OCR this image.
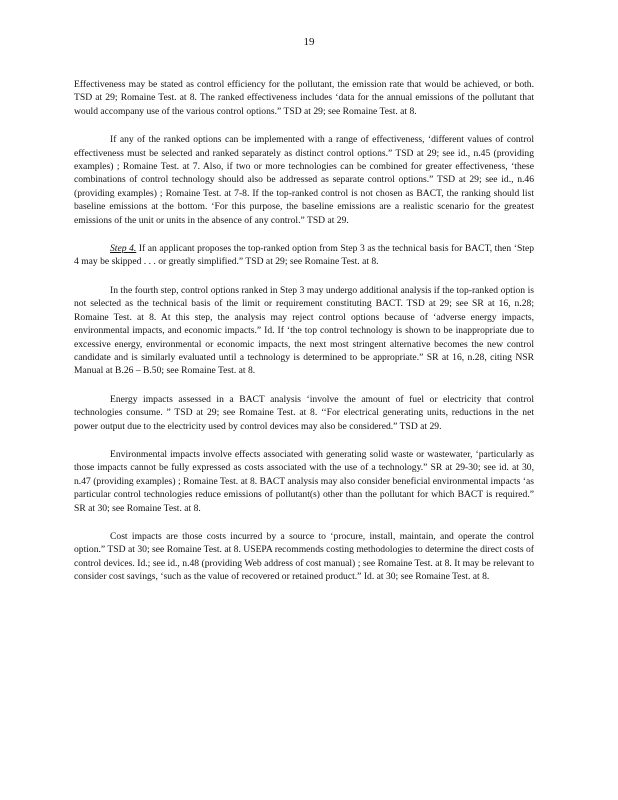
19

Effectiveness may be stated as control efficiency for the pollutant, the emission rate that would be achieved, or both. TSD at 29; Romaine Test. at 8. The ranked effectiveness includes ‘data for the annual emissions of the pollutant that would accompany use of the various control options.” TSD at 29; see Romaine Test. at 8.

If any of the ranked options can be implemented with a range of effectiveness, ‘different values of control effectiveness must be selected and ranked separately as distinct control options.” TSD at 29; see id., n.45 (providing examples) ; Romaine Test. at 7. Also, if two or more technologies can be combined for greater effectiveness, ‘these combinations of control technology should also be addressed as separate control options.” TSD at 29; see id., n.46 (providing examples) ; Romaine Test. at 7-8. If the top-ranked control is not chosen as BACT, the ranking should list baseline emissions at the bottom. ‘For this purpose, the baseline emissions are a realistic scenario for the greatest emissions of the unit or units in the absence of any control.” TSD at 29.

Step 4. If an applicant proposes the top-ranked option from Step 3 as the technical basis for BACT, then ‘Step 4 may be skipped . . . or greatly simplified.” TSD at 29; see Romaine Test. at 8.

In the fourth step, control options ranked in Step 3 may undergo additional analysis if the top-ranked option is not selected as the technical basis of the limit or requirement constituting BACT. TSD at 29; see SR at 16, n.28; Romaine Test. at 8. At this step, the analysis may reject control options because of ‘adverse energy impacts, environmental impacts, and economic impacts.” Id. If ‘the top control technology is shown to be inappropriate due to excessive energy, environmental or economic impacts, the next most stringent alternative becomes the new control candidate and is similarly evaluated until a technology is determined to be appropriate.” SR at 16, n.28, citing NSR Manual at B.26 – B.50; see Romaine Test. at 8.

Energy impacts assessed in a BACT analysis ‘involve the amount of fuel or electricity that control technologies consume. ” TSD at 29; see Romaine Test. at 8. ‘‘For electrical generating units, reductions in the net power output due to the electricity used by control devices may also be considered.” TSD at 29.

Environmental impacts involve effects associated with generating solid waste or wastewater, ‘particularly as those impacts cannot be fully expressed as costs associated with the use of a technology.” SR at 29-30; see id. at 30, n.47 (providing examples) ; Romaine Test. at 8. BACT analysis may also consider beneficial environmental impacts ‘as particular control technologies reduce emissions of pollutant(s) other than the pollutant for which BACT is required.” SR at 30; see Romaine Test. at 8.

Cost impacts are those costs incurred by a source to ‘procure, install, maintain, and operate the control option.” TSD at 30; see Romaine Test. at 8. USEPA recommends costing methodologies to determine the direct costs of control devices. Id.; see id., n.48 (providing Web address of cost manual) ; see Romaine Test. at 8. It may be relevant to consider cost savings, ‘such as the value of recovered or retained product.” Id. at 30; see Romaine Test. at 8.
